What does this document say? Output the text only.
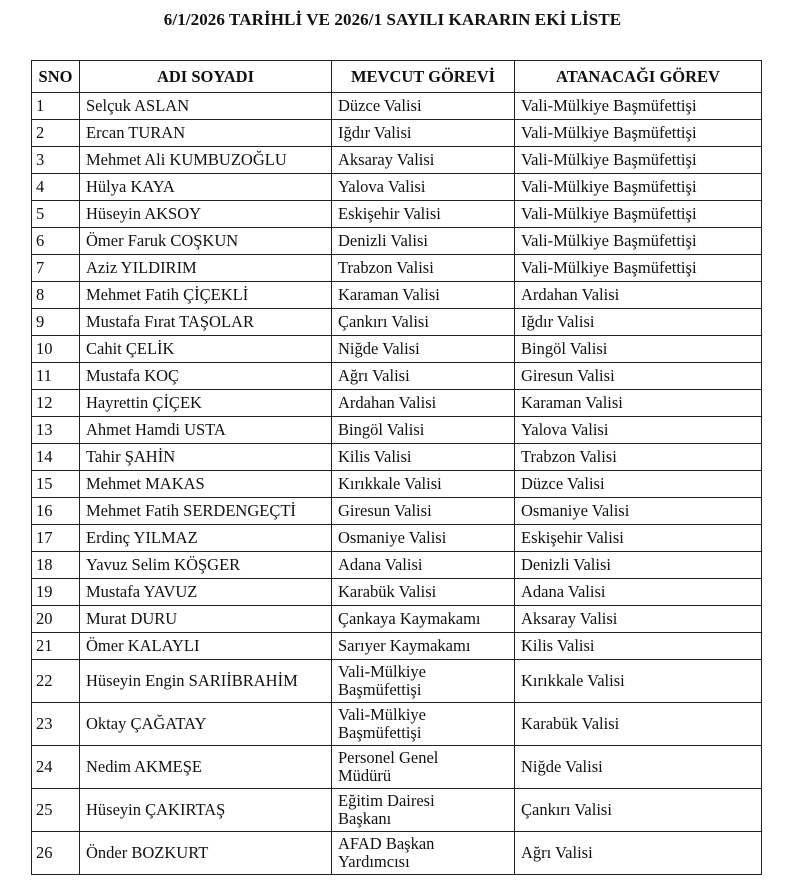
6/1/2026 TARİHLİ VE 2026/1 SAYILI KARARIN EKİ LİSTE
SNO	ADI SOYADI	MEVCUT GÖREVİ	ATANACAĞI GÖREV
1	Selçuk ASLAN	Düzce Valisi	Vali-Mülkiye Başmüfettişi
2	Ercan TURAN	Iğdır Valisi	Vali-Mülkiye Başmüfettişi
3	Mehmet Ali KUMBUZOĞLU	Aksaray Valisi	Vali-Mülkiye Başmüfettişi
4	Hülya KAYA	Yalova Valisi	Vali-Mülkiye Başmüfettişi
5	Hüseyin AKSOY	Eskişehir Valisi	Vali-Mülkiye Başmüfettişi
6	Ömer Faruk COŞKUN	Denizli Valisi	Vali-Mülkiye Başmüfettişi
7	Aziz YILDIRIM	Trabzon Valisi	Vali-Mülkiye Başmüfettişi
8	Mehmet Fatih ÇİÇEKLİ	Karaman Valisi	Ardahan Valisi
9	Mustafa Fırat TAŞOLAR	Çankırı Valisi	Iğdır Valisi
10	Cahit ÇELİK	Niğde Valisi	Bingöl Valisi
11	Mustafa KOÇ	Ağrı Valisi	Giresun Valisi
12	Hayrettin ÇİÇEK	Ardahan Valisi	Karaman Valisi
13	Ahmet Hamdi USTA	Bingöl Valisi	Yalova Valisi
14	Tahir ŞAHİN	Kilis Valisi	Trabzon Valisi
15	Mehmet MAKAS	Kırıkkale Valisi	Düzce Valisi
16	Mehmet Fatih SERDENGEÇTİ	Giresun Valisi	Osmaniye Valisi
17	Erdinç YILMAZ	Osmaniye Valisi	Eskişehir Valisi
18	Yavuz Selim KÖŞGER	Adana Valisi	Denizli Valisi
19	Mustafa YAVUZ	Karabük Valisi	Adana Valisi
20	Murat DURU	Çankaya Kaymakamı	Aksaray Valisi
21	Ömer KALAYLI	Sarıyer Kaymakamı	Kilis Valisi
22	Hüseyin Engin SARIİBRAHİM	Vali-Mülkiye
Başmüfettişi	Kırıkkale Valisi
23	Oktay ÇAĞATAY	Vali-Mülkiye
Başmüfettişi	Karabük Valisi
24	Nedim AKMEŞE	Personel Genel
Müdürü	Niğde Valisi
25	Hüseyin ÇAKIRTAŞ	Eğitim Dairesi
Başkanı	Çankırı Valisi
26	Önder BOZKURT	AFAD Başkan
Yardımcısı	Ağrı Valisi
